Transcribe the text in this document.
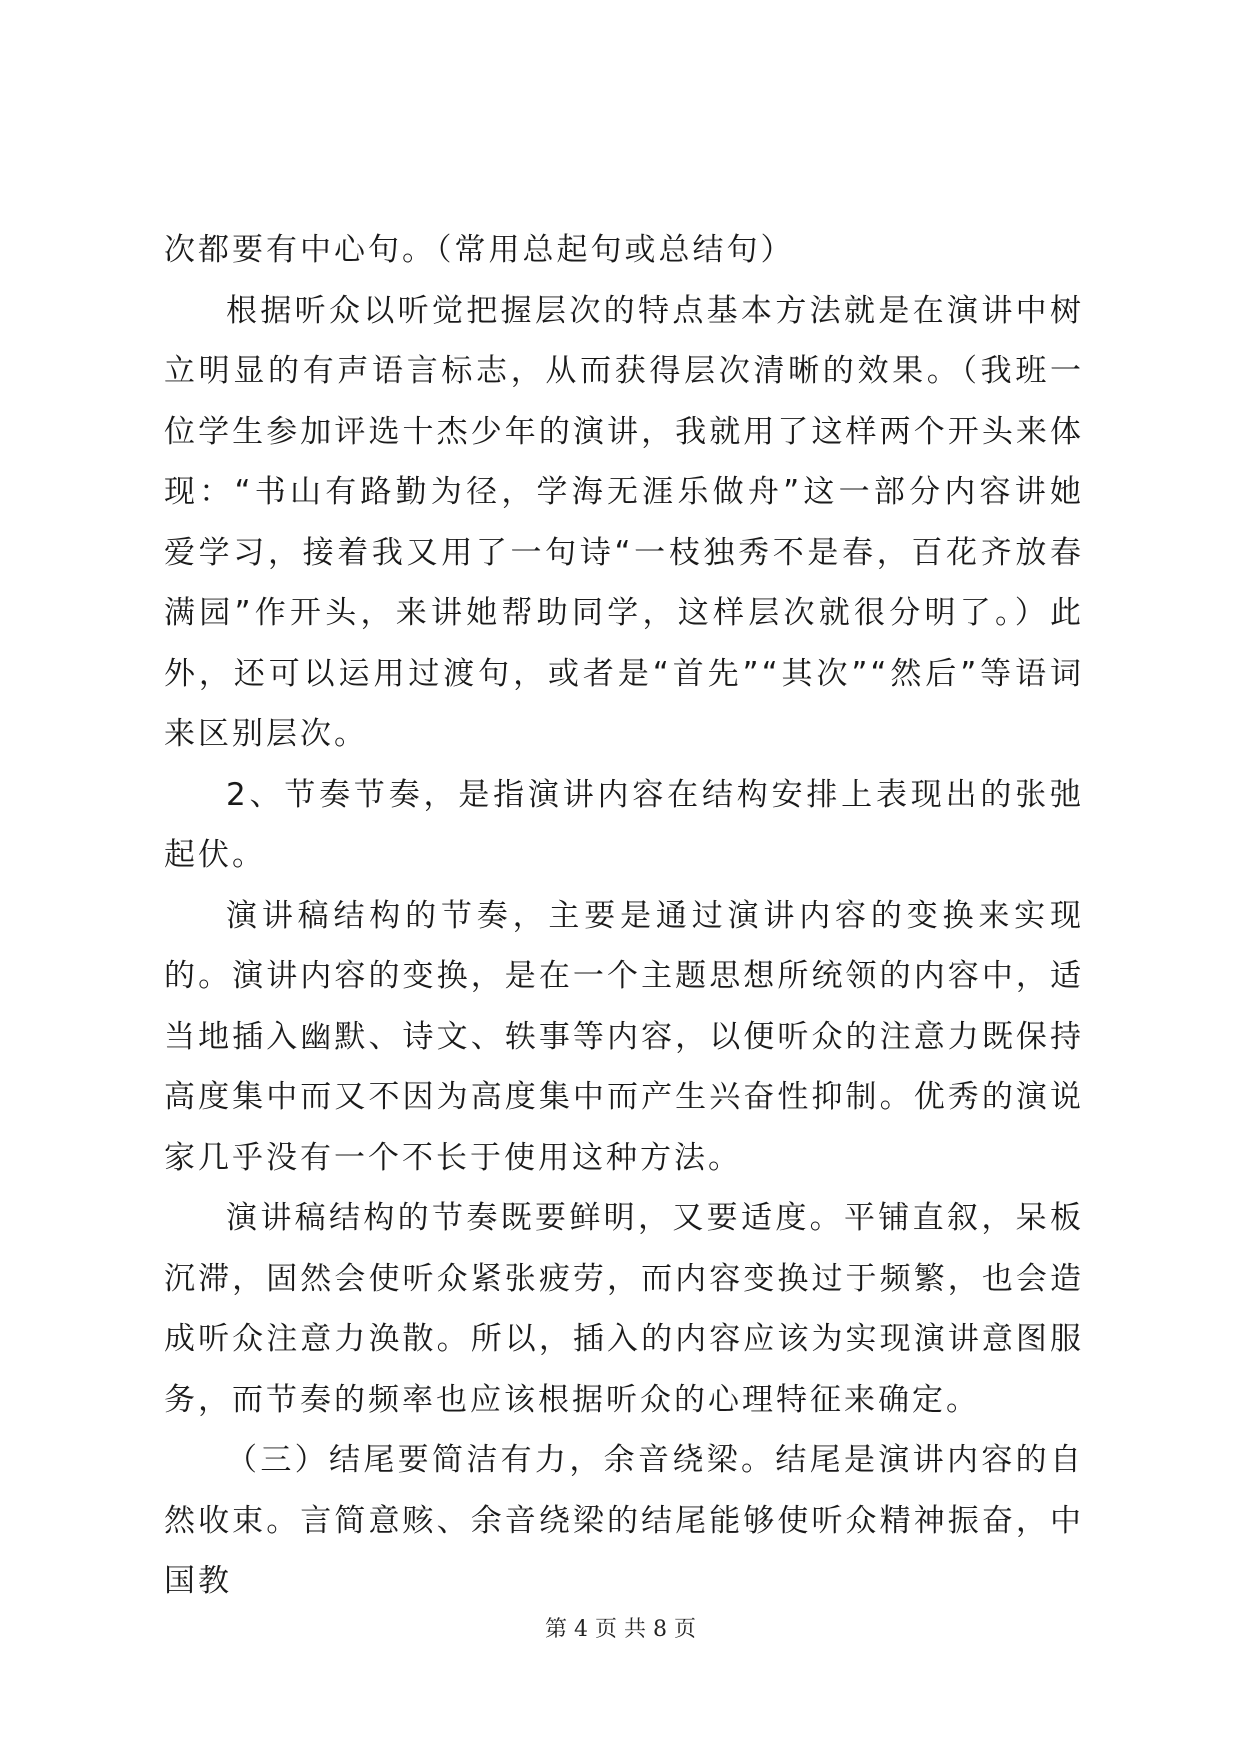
次都要有中心句。（常用总起句或总结句）

根据听众以听觉把握层次的特点基本方法就是在演讲中树立明显的有声语言标志，从而获得层次清晰的效果。（我班一位学生参加评选十杰少年的演讲，我就用了这样两个开头来体现：“书山有路勤为径，学海无涯乐做舟”这一部分内容讲她爱学习，接着我又用了一句诗“一枝独秀不是春，百花齐放春满园”作开头，来讲她帮助同学，这样层次就很分明了。）此外，还可以运用过渡句，或者是“首先”“其次”“然后”等语词来区别层次。

2、节奏节奏，是指演讲内容在结构安排上表现出的张弛起伏。

演讲稿结构的节奏，主要是通过演讲内容的变换来实现的。演讲内容的变换，是在一个主题思想所统领的内容中，适当地插入幽默、诗文、轶事等内容，以便听众的注意力既保持高度集中而又不因为高度集中而产生兴奋性抑制。优秀的演说家几乎没有一个不长于使用这种方法。

演讲稿结构的节奏既要鲜明，又要适度。平铺直叙，呆板沉滞，固然会使听众紧张疲劳，而内容变换过于频繁，也会造成听众注意力涣散。所以，插入的内容应该为实现演讲意图服务，而节奏的频率也应该根据听众的心理特征来确定。

（三）结尾要简洁有力，余音绕梁。结尾是演讲内容的自然收束。言简意赅、余音绕梁的结尾能够使听众精神振奋，中国教

第 4 页 共 8 页
